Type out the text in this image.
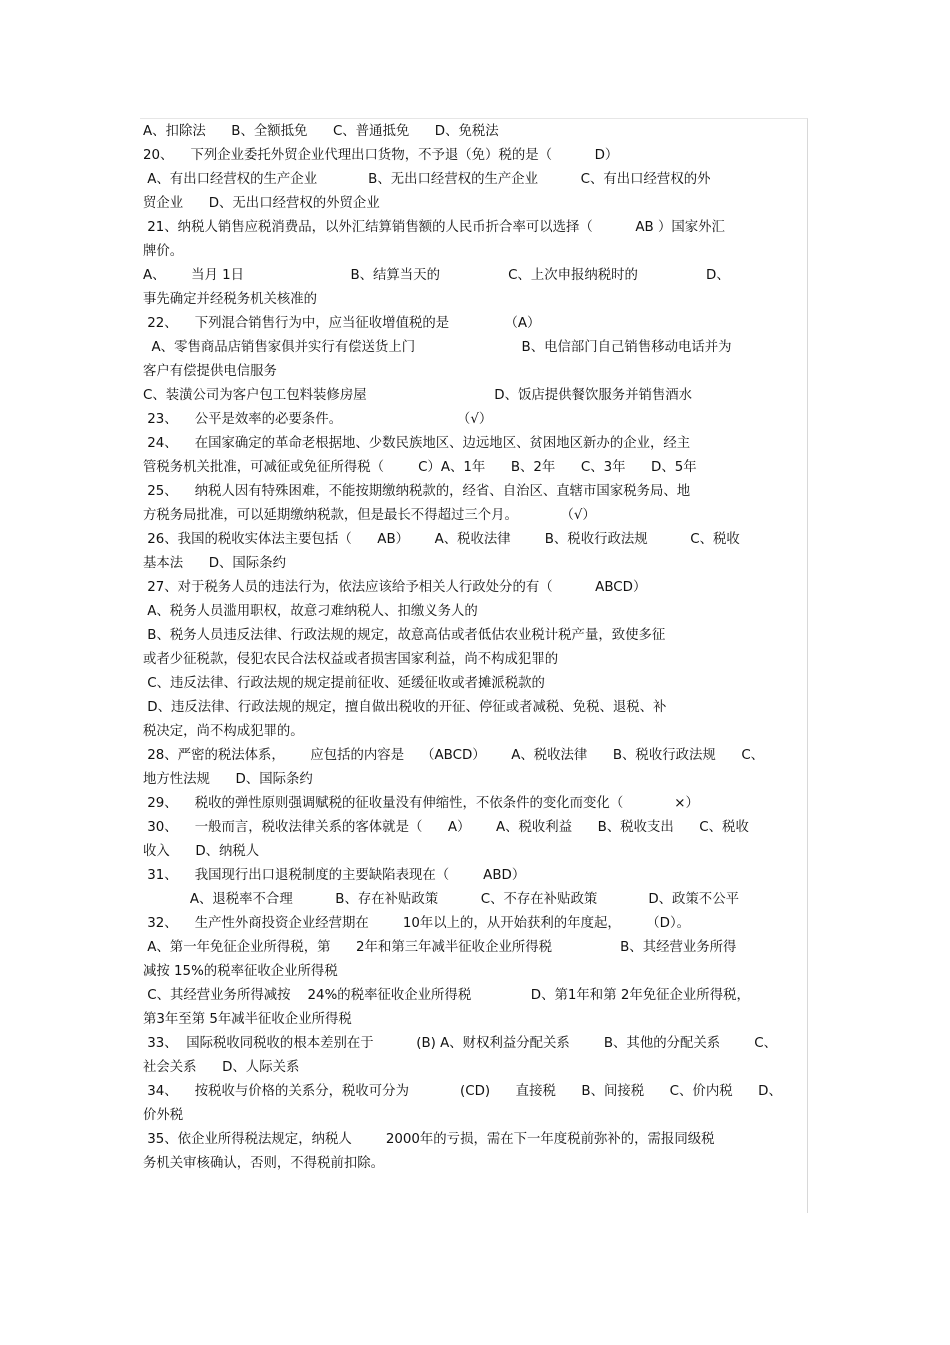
A、扣除法      B、全额抵免      C、普通抵免      D、免税法
20、    下列企业委托外贸企业代理出口货物，不予退（免）税的是（          D）
A、有出口经营权的生产企业            B、无出口经营权的生产企业          C、有出口经营权的外
贸企业      D、无出口经营权的外贸企业
21、纳税人销售应税消费品，以外汇结算销售额的人民币折合率可以选择（          AB ）国家外汇
牌价。
A、      当月 1日                         B、结算当天的                C、上次申报纳税时的                D、
事先确定并经税务机关核准的
22、    下列混合销售行为中，应当征收增值税的是             （A）
A、零售商品店销售家俱并实行有偿送货上门                         B、电信部门自己销售移动电话并为
客户有偿提供电信服务
C、装潢公司为客户包工包料装修房屋                              D、饭店提供餐饮服务并销售酒水
23、    公平是效率的必要条件。                           （√）
24、    在国家确定的革命老根据地、少数民族地区、边远地区、贫困地区新办的企业，经主
管税务机关批准，可减征或免征所得税（        C）A、1年      B、2年      C、3年      D、5年
25、    纳税人因有特殊困难，不能按期缴纳税款的，经省、自治区、直辖市国家税务局、地
方税务局批准，可以延期缴纳税款，但是最长不得超过三个月。          （√）
26、我国的税收实体法主要包括（      AB）      A、税收法律        B、税收行政法规          C、税收
基本法      D、国际条约
27、对于税务人员的违法行为，依法应该给予相关人行政处分的有（          ABCD）
A、税务人员滥用职权，故意刁难纳税人、扣缴义务人的
B、税务人员违反法律、行政法规的规定，故意高估或者低估农业税计税产量，致使多征
或者少征税款，侵犯农民合法权益或者损害国家利益，尚不构成犯罪的
C、违反法律、行政法规的规定提前征收、延缓征收或者摊派税款的
D、违反法律、行政法规的规定，擅自做出税收的开征、停征或者减税、免税、退税、补
税决定，尚不构成犯罪的。
28、严密的税法体系，      应包括的内容是    （ABCD）      A、税收法律      B、税收行政法规      C、
地方性法规      D、国际条约
29、    税收的弹性原则强调赋税的征收量没有伸缩性，不依条件的变化而变化（            ×）
30、    一般而言，税收法律关系的客体就是（      A）      A、税收利益      B、税收支出      C、税收
收入      D、纳税人
31、    我国现行出口退税制度的主要缺陷表现在（        ABD）
A、退税率不合理          B、存在补贴政策          C、不存在补贴政策            D、政策不公平
32、    生产性外商投资企业经营期在        10年以上的，从开始获利的年度起，      （D）。
A、第一年免征企业所得税，第      2年和第三年减半征收企业所得税                B、其经营业务所得
减按 15%的税率征收企业所得税
C、其经营业务所得减按    24%的税率征收企业所得税              D、第1年和第 2年免征企业所得税，
第3年至第 5年减半征收企业所得税
33、  国际税收同税收的根本差别在于          (B) A、财权利益分配关系        B、其他的分配关系        C、
社会关系      D、人际关系
34、    按税收与价格的关系分，税收可分为            (CD)      直接税      B、间接税      C、价内税      D、
价外税
35、依企业所得税法规定，纳税人        2000年的亏损，需在下一年度税前弥补的，需报同级税
务机关审核确认，否则，不得税前扣除。
